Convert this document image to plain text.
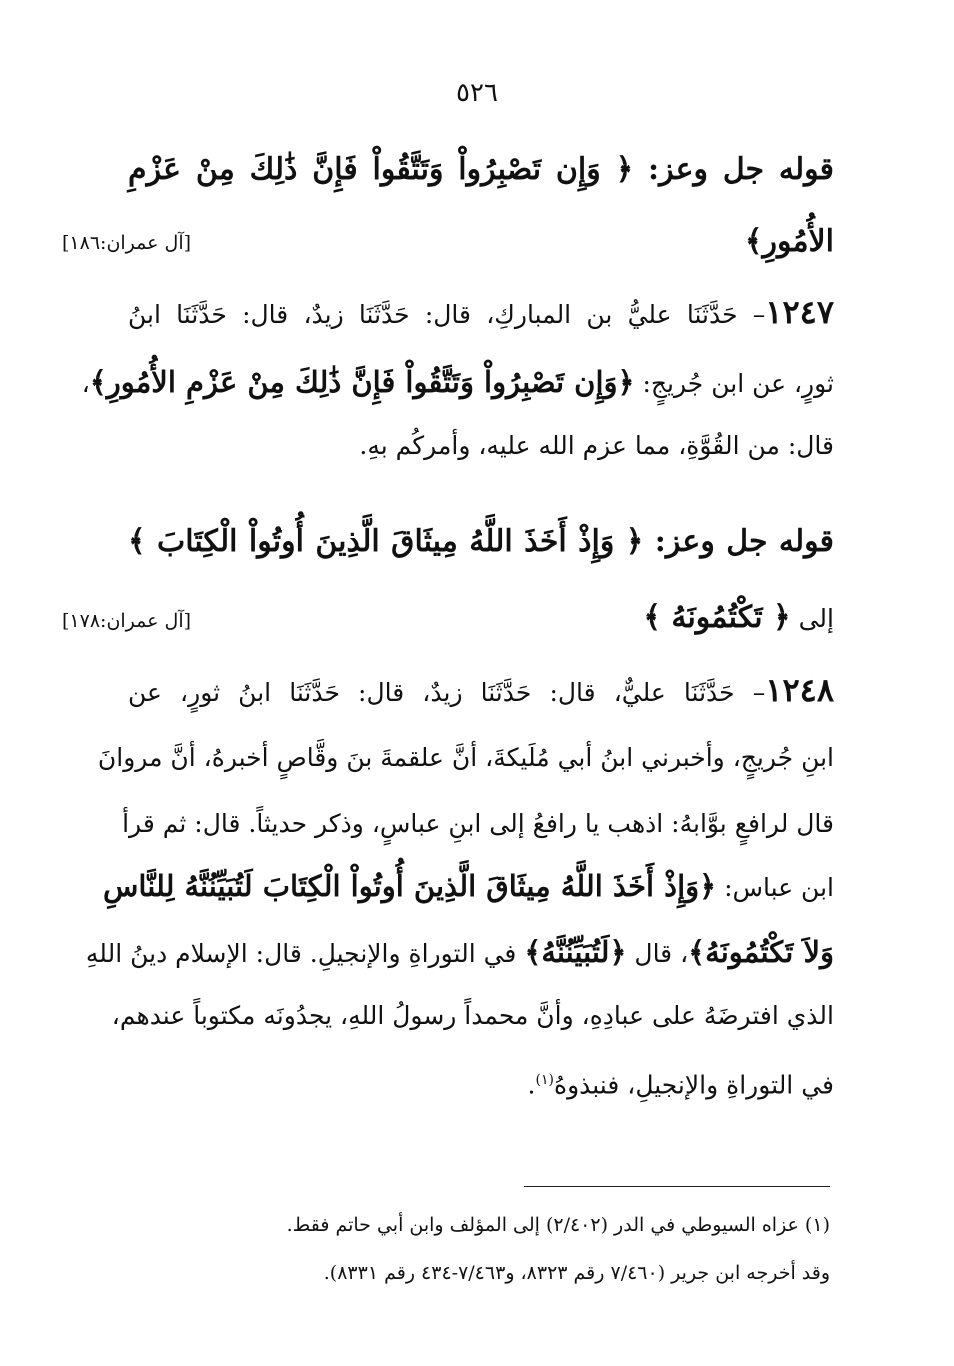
٥٢٦
قوله جل وعز: ﴿ وَإِن تَصْبِرُواْ وَتَتَّقُواْ فَإِنَّ ذَٰلِكَ مِنْ عَزْمِ
الأُمُورِ﴾
[آل عمران:١٨٦]
١٢٤٧– حَدَّثَنَا عليُّ بن المباركِ، قال: حَدَّثَنَا زيدٌ، قال: حَدَّثَنَا ابنُ
ثورٍ، عن ابن جُريجٍ: ﴿وَإِن تَصْبِرُواْ وَتَتَّقُواْ فَإِنَّ ذَٰلِكَ مِنْ عَزْمِ الأُمُورِ﴾،
قال: من القُوَّةِ، مما عزم الله عليه، وأمركُم بهِ.
قوله جل وعز: ﴿ وَإِذْ أَخَذَ اللَّهُ مِيثَاقَ الَّذِينَ أُوتُواْ الْكِتَابَ ﴾
إلى ﴿ تَكْتُمُونَهُ ﴾
[آل عمران:١٧٨]
١٢٤٨– حَدَّثَنَا عليٌّ، قال: حَدَّثَنَا زيدٌ، قال: حَدَّثَنَا ابنُ ثورٍ، عن
ابنِ جُريجٍ، وأخبرني ابنُ أبي مُلَيكةَ، أنَّ علقمةَ بنَ وقَّاصٍ أخبرهُ، أنَّ مروانَ
قال لرافعٍ بوَّابهُ: اذهب يا رافعُ إلى ابنِ عباسٍ، وذكر حديثاً. قال: ثم قرأ
ابن عباس: ﴿وَإِذْ أَخَذَ اللَّهُ مِيثَاقَ الَّذِينَ أُوتُواْ الْكِتَابَ لَتُبَيِّنُنَّهُ لِلنَّاسِ
وَلاَ تَكْتُمُونَهُ﴾، قال ﴿لَتُبَيِّنُنَّهُ﴾ في التوراةِ والإنجيلِ. قال: الإسلام دينُ اللهِ
الذي افترضَهُ على عبادِهِ، وأنَّ محمداً رسولُ اللهِ، يجدُونَه مكتوباً عندهم،
في التوراةِ والإنجيلِ، فنبذوهُ$^{(١)}$.
(١) عزاه السيوطي في الدر (٢/٤٠٢) إلى المؤلف وابن أبي حاتم فقط.
وقد أخرجه ابن جرير (٧/٤٦٠ رقم ٨٣٢٣، و٧/٤٦٣-٤٣٤ رقم ٨٣٣١).
